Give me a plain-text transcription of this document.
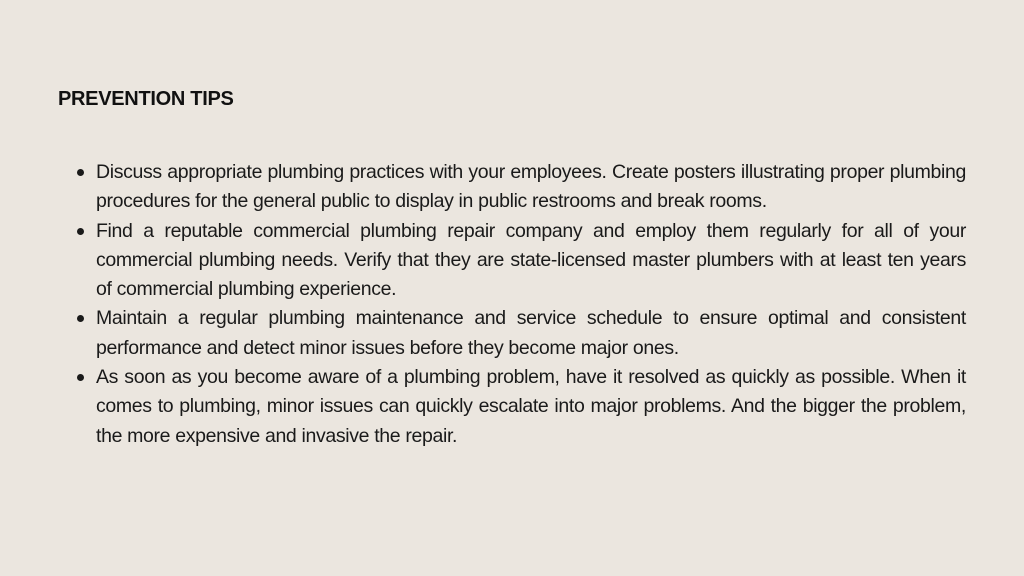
PREVENTION TIPS
Discuss appropriate plumbing practices with your employees. Create posters illustrating proper plumbing procedures for the general public to display in public restrooms and break rooms.
Find a reputable commercial plumbing repair company and employ them regularly for all of your commercial plumbing needs. Verify that they are state-licensed master plumbers with at least ten years of commercial plumbing experience.
Maintain a regular plumbing maintenance and service schedule to ensure optimal and consistent performance and detect minor issues before they become major ones.
As soon as you become aware of a plumbing problem, have it resolved as quickly as possible. When it comes to plumbing, minor issues can quickly escalate into major problems. And the bigger the problem, the more expensive and invasive the repair.
